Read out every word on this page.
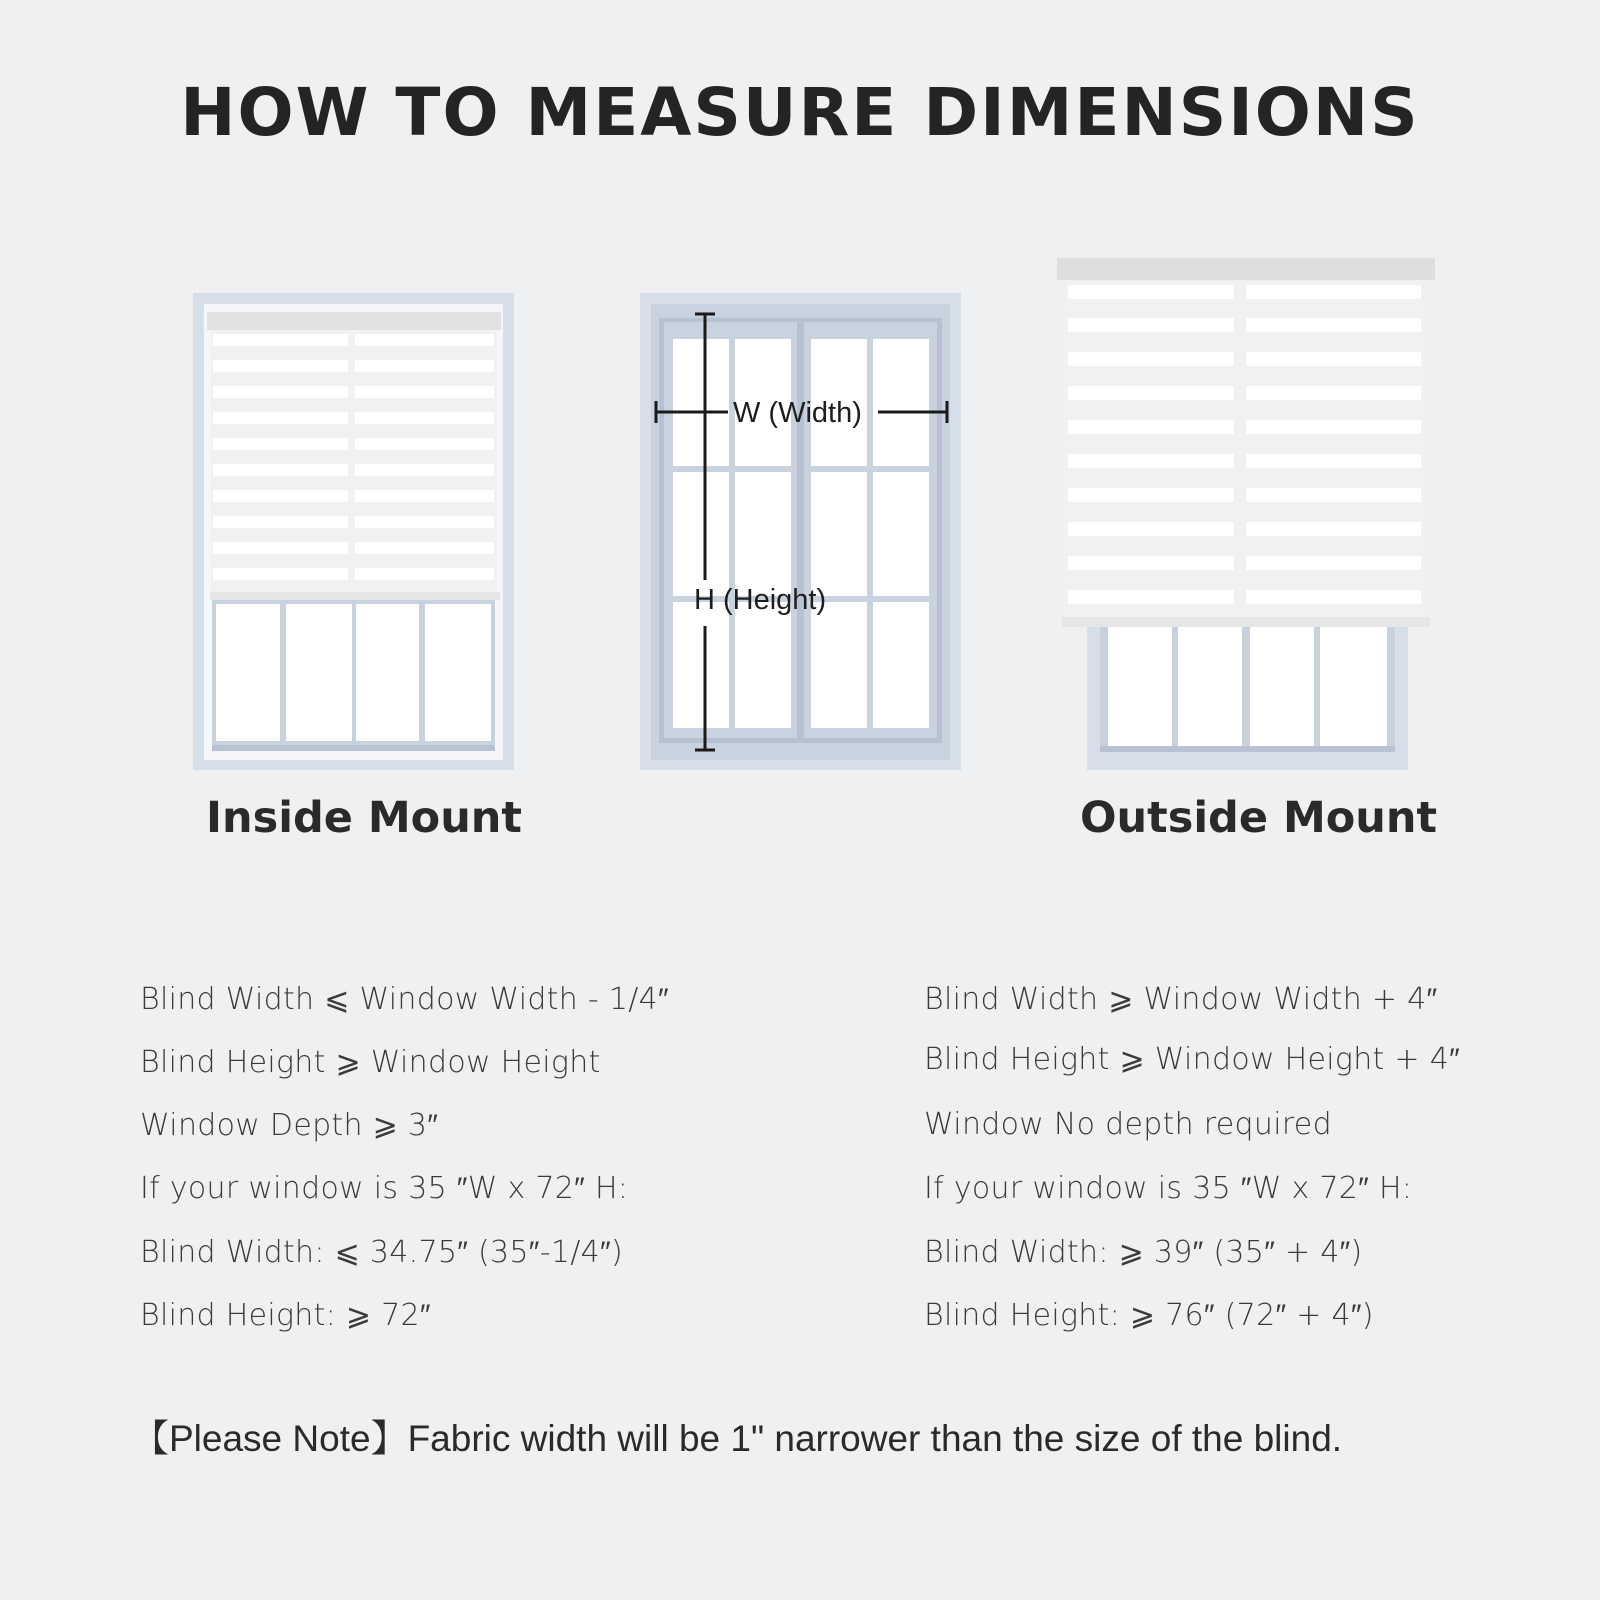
HOW TO MEASURE DIMENSIONS
W (Width)
H (Height)
Inside Mount	Outside Mount
Blind Width ⩽ Window Width - 1/4″
Blind Height ⩾ Window Height
Window Depth ⩾ 3″
If your window is 35 ″W x 72″ H:
Blind Width: ⩽ 34.75″ (35″-1/4″)
Blind Height: ⩾ 72″
Blind Width ⩾ Window Width + 4″
Blind Height ⩾ Window Height + 4″
Window No depth required
If your window is 35 ″W x 72″ H:
Blind Width: ⩾ 39″ (35″ + 4″)
Blind Height: ⩾ 76″ (72″ + 4″)
【Please Note】Fabric width will be 1" narrower than the size of the blind.
